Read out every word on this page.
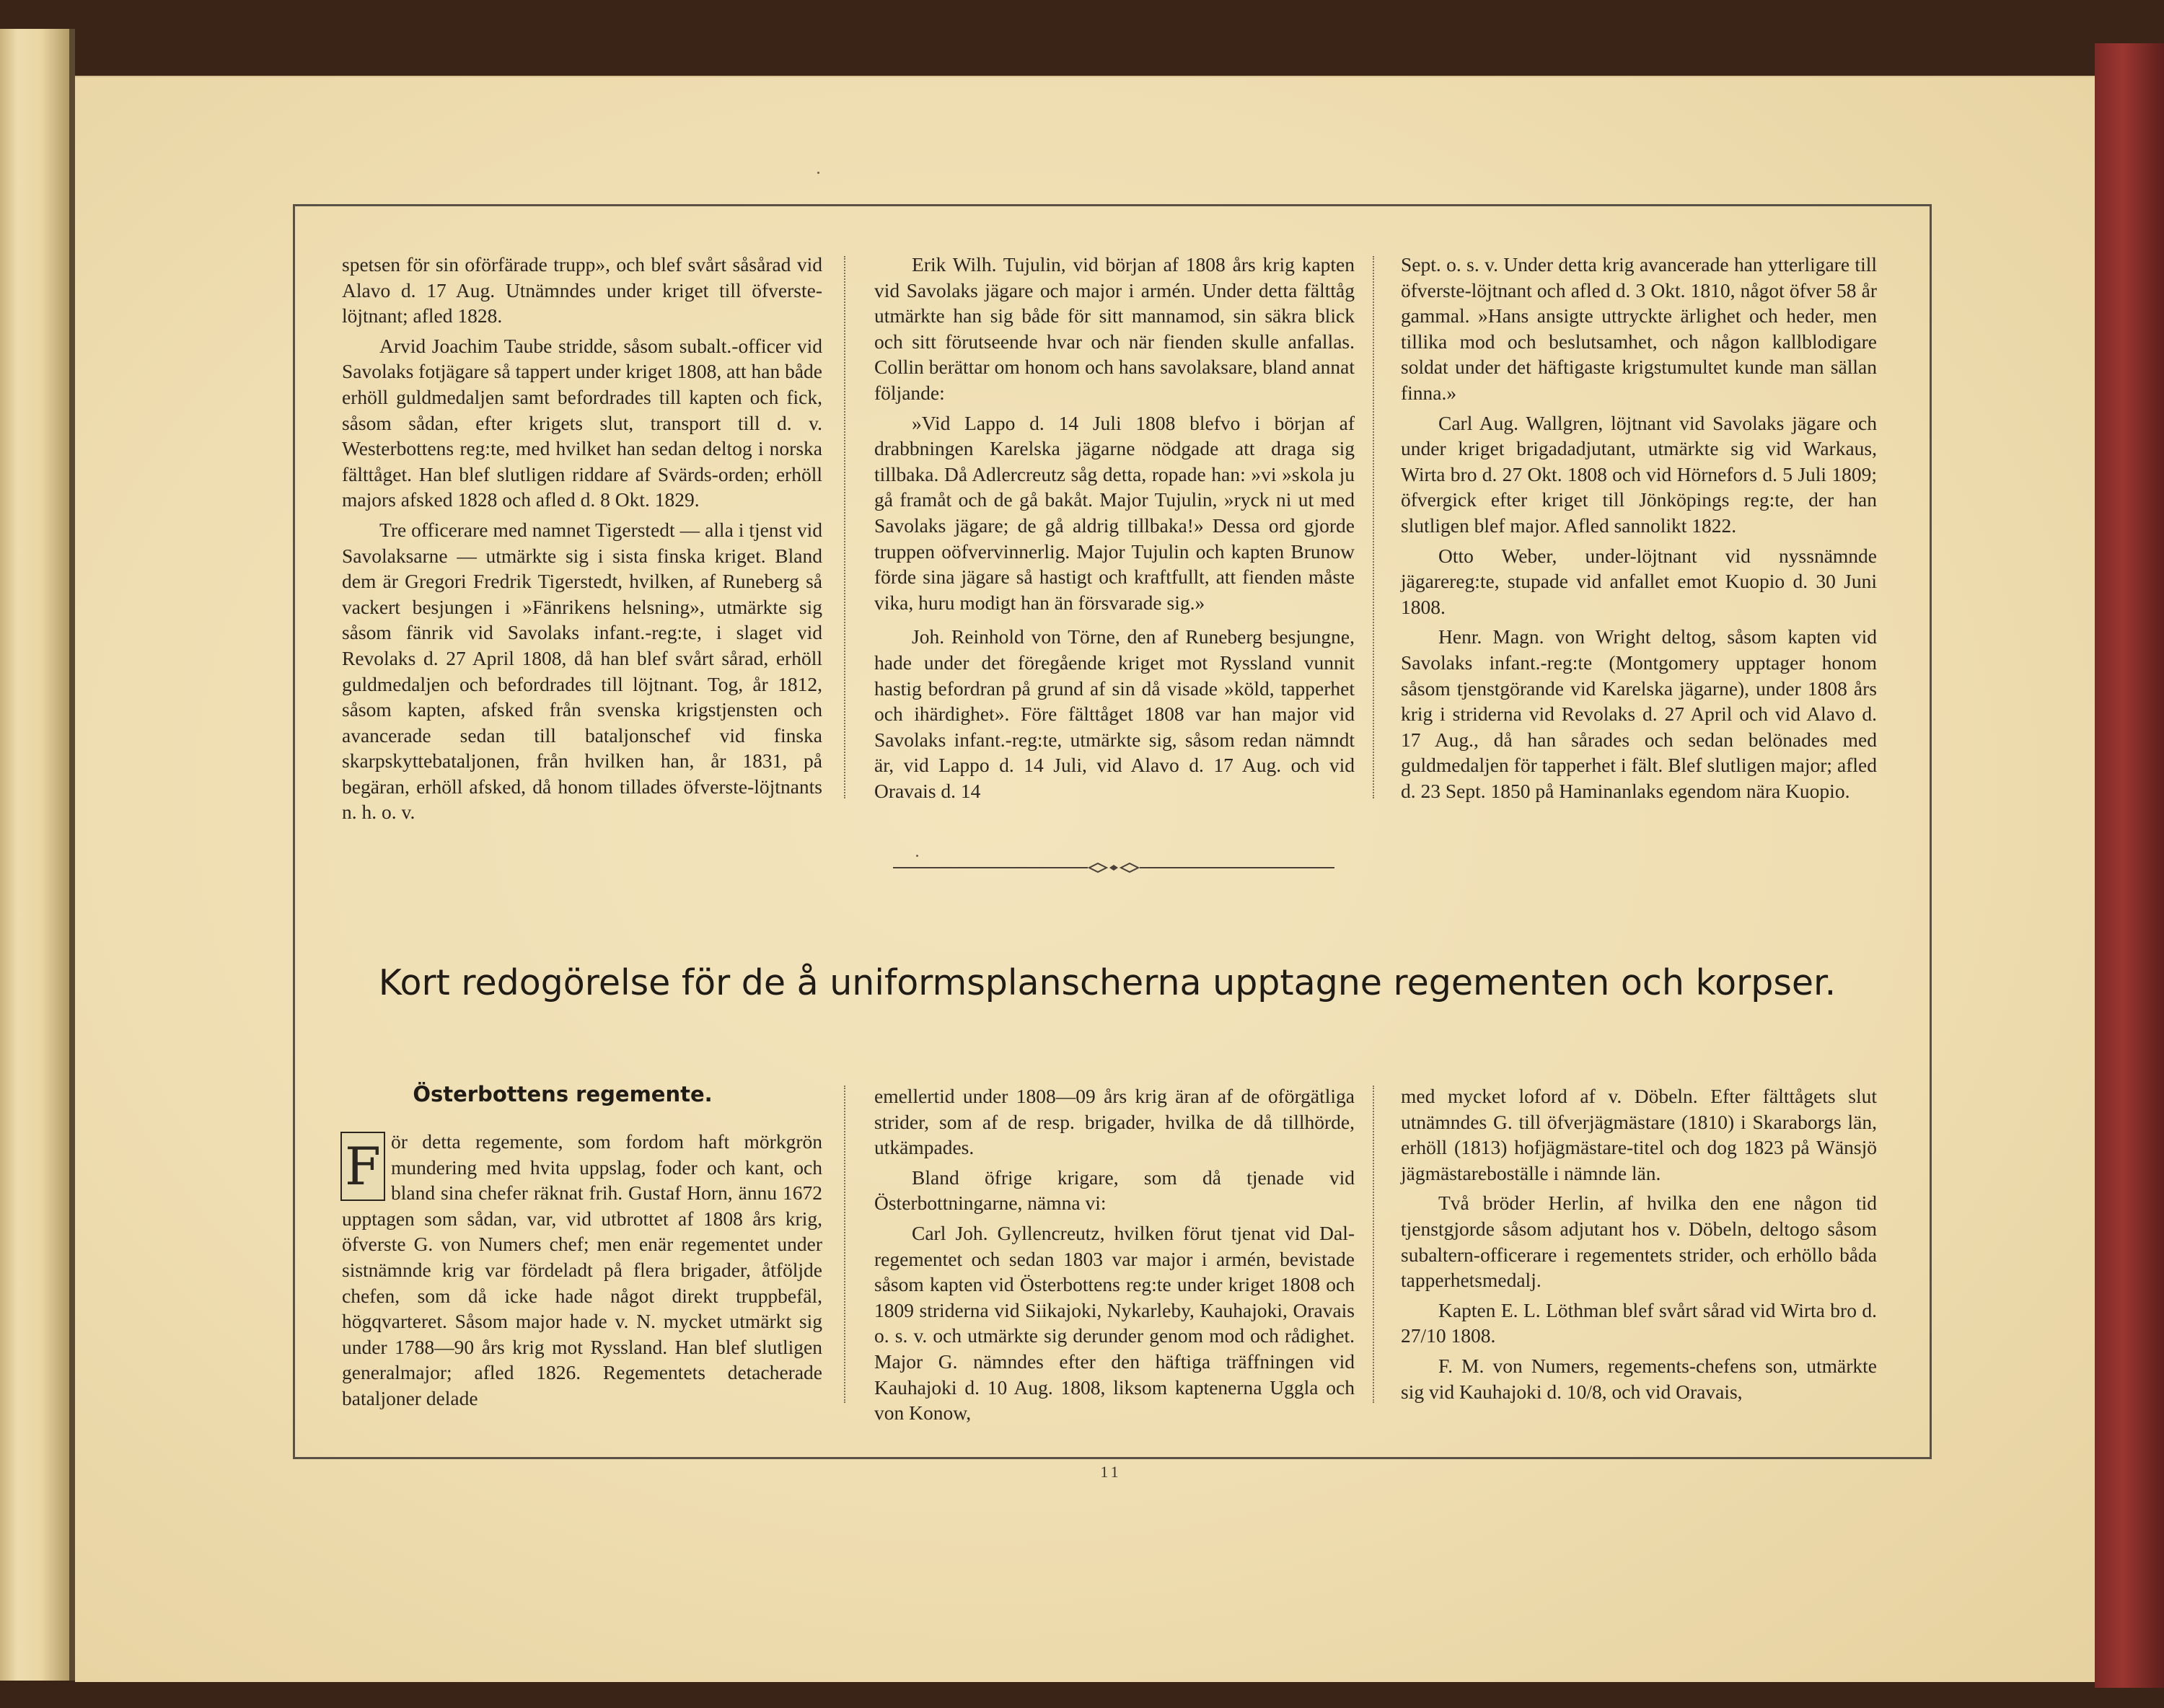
spetsen för sin oförfärade trupp», och blef svårt såsårad vid Alavo d. 17 Aug. Utnämndes under kriget till öfverste-löjtnant; afled 1828.

Arvid Joachim Taube stridde, såsom subalt.-officer vid Savolaks fotjägare så tappert under kriget 1808, att han både erhöll guldmedaljen samt befordrades till kapten och fick, såsom sådan, efter krigets slut, transport till d. v. Westerbottens reg:te, med hvilket han sedan deltog i norska fälttåget. Han blef slutligen riddare af Svärds-orden; erhöll majors afsked 1828 och afled d. 8 Okt. 1829.

Tre officerare med namnet Tigerstedt — alla i tjenst vid Savolaksarne — utmärkte sig i sista finska kriget. Bland dem är Gregori Fredrik Tigerstedt, hvilken, af Runeberg så vackert besjungen i »Fänrikens helsning», utmärkte sig såsom fänrik vid Savolaks infant.-reg:te, i slaget vid Revolaks d. 27 April 1808, då han blef svårt sårad, erhöll guldmedaljen och befordrades till löjtnant. Tog, år 1812, såsom kapten, afsked från svenska krigstjensten och avancerade sedan till bataljonschef vid finska skarpskyttebataljonen, från hvilken han, år 1831, på begäran, erhöll afsked, då honom tillades öfverste-löjtnants n. h. o. v.

Erik Wilh. Tujulin, vid början af 1808 års krig kapten vid Savolaks jägare och major i armén. Under detta fälttåg utmärkte han sig både för sitt mannamod, sin säkra blick och sitt förutseende hvar och när fienden skulle anfallas. Collin berättar om honom och hans savolaksare, bland annat följande:

»Vid Lappo d. 14 Juli 1808 blefvo i början af drabbningen Karelska jägarne nödgade att draga sig tillbaka. Då Adlercreutz såg detta, ropade han: »vi »skola ju gå framåt och de gå bakåt. Major Tujulin, »ryck ni ut med Savolaks jägare; de gå aldrig tillbaka!» Dessa ord gjorde truppen oöfvervinnerlig. Major Tujulin och kapten Brunow förde sina jägare så hastigt och kraftfullt, att fienden måste vika, huru modigt han än försvarade sig.»

Joh. Reinhold von Törne, den af Runeberg besjungne, hade under det föregående kriget mot Ryssland vunnit hastig befordran på grund af sin då visade »köld, tapperhet och ihärdighet». Före fälttåget 1808 var han major vid Savolaks infant.-reg:te, utmärkte sig, såsom redan nämndt är, vid Lappo d. 14 Juli, vid Alavo d. 17 Aug. och vid Oravais d. 14

Sept. o. s. v. Under detta krig avancerade han ytterligare till öfverste-löjtnant och afled d. 3 Okt. 1810, något öfver 58 år gammal. »Hans ansigte uttryckte ärlighet och heder, men tillika mod och beslutsamhet, och någon kallblodigare soldat under det häftigaste krigstumultet kunde man sällan finna.»

Carl Aug. Wallgren, löjtnant vid Savolaks jägare och under kriget brigadadjutant, utmärkte sig vid Warkaus, Wirta bro d. 27 Okt. 1808 och vid Hörnefors d. 5 Juli 1809; öfvergick efter kriget till Jönköpings reg:te, der han slutligen blef major. Afled sannolikt 1822.

Otto Weber, under-löjtnant vid nyssnämnde jägarereg:te, stupade vid anfallet emot Kuopio d. 30 Juni 1808.

Henr. Magn. von Wright deltog, såsom kapten vid Savolaks infant.-reg:te (Montgomery upptager honom såsom tjenstgörande vid Karelska jägarne), under 1808 års krig i striderna vid Revolaks d. 27 April och vid Alavo d. 17 Aug., då han sårades och sedan belönades med guldmedaljen för tapperhet i fält. Blef slutligen major; afled d. 23 Sept. 1850 på Haminanlaks egendom nära Kuopio.

Kort redogörelse för de å uniformsplanscherna upptagne regementen och korpser.
Österbottens regemente.

F ör detta regemente, som fordom haft mörkgrön mundering med hvita uppslag, foder och kant, och bland sina chefer räknat frih. Gustaf Horn, ännu 1672 upptagen som sådan, var, vid utbrottet af 1808 års krig, öfverste G. von Numers chef; men enär regementet under sistnämnde krig var fördeladt på flera brigader, åtföljde chefen, som då icke hade något direkt truppbefäl, högqvarteret. Såsom major hade v. N. mycket utmärkt sig under 1788—90 års krig mot Ryssland. Han blef slutligen generalmajor; afled 1826. Regementets detacherade bataljoner delade

emellertid under 1808—09 års krig äran af de oförgätliga strider, som af de resp. brigader, hvilka de då tillhörde, utkämpades.

Bland öfrige krigare, som då tjenade vid Österbottningarne, nämna vi:

Carl Joh. Gyllencreutz, hvilken förut tjenat vid Dal-regementet och sedan 1803 var major i armén, bevistade såsom kapten vid Österbottens reg:te under kriget 1808 och 1809 striderna vid Siikajoki, Nykarleby, Kauhajoki, Oravais o. s. v. och utmärkte sig derunder genom mod och rådighet. Major G. nämndes efter den häftiga träffningen vid Kauhajoki d. 10 Aug. 1808, liksom kaptenerna Uggla och von Konow,

med mycket loford af v. Döbeln. Efter fälttågets slut utnämndes G. till öfverjägmästare (1810) i Skaraborgs län, erhöll (1813) hofjägmästare-titel och dog 1823 på Wänsjö jägmästareboställe i nämnde län.

Två bröder Herlin, af hvilka den ene någon tid tjenstgjorde såsom adjutant hos v. Döbeln, deltogo såsom subaltern-officerare i regementets strider, och erhöllo båda tapperhetsmedalj.

Kapten E. L. Löthman blef svårt sårad vid Wirta bro d. 27/10 1808.

F. M. von Numers, regements-chefens son, utmärkte sig vid Kauhajoki d. 10/8, och vid Oravais,

11
